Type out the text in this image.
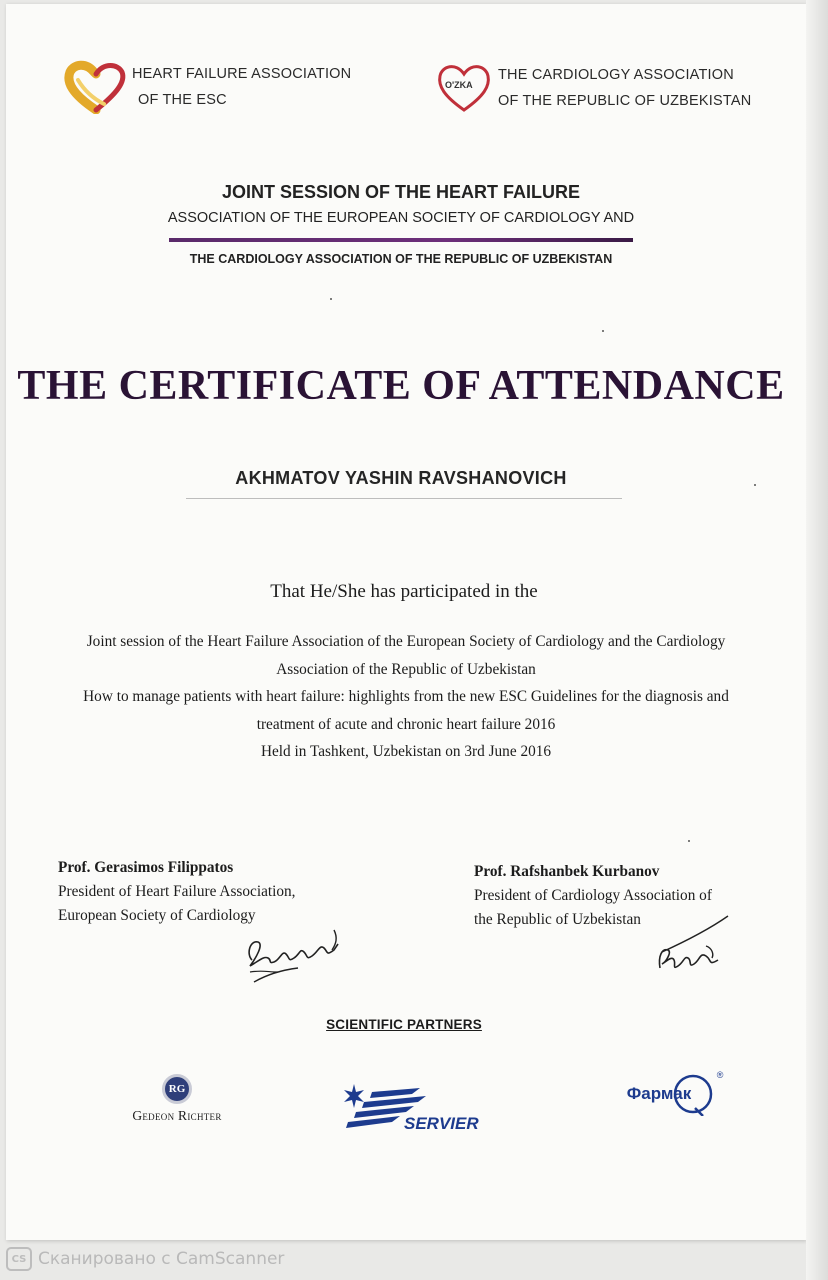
HEART FAILURE ASSOCIATION
OF THE ESC
O'ZKA
THE CARDIOLOGY ASSOCIATION
OF THE REPUBLIC OF UZBEKISTAN
JOINT SESSION OF THE HEART FAILURE
ASSOCIATION OF THE EUROPEAN SOCIETY OF CARDIOLOGY AND
THE CARDIOLOGY ASSOCIATION OF THE REPUBLIC OF UZBEKISTAN
THE CERTIFICATE OF ATTENDANCE
AKHMATOV YASHIN RAVSHANOVICH
That He/She has participated in the
Joint session of the Heart Failure Association of the European Society of Cardiology and the Cardiology
Association of the Republic of Uzbekistan
How to manage patients with heart failure: highlights from the new ESC Guidelines for the diagnosis and
treatment of acute and chronic heart failure 2016
Held in Tashkent, Uzbekistan on 3rd June 2016
Prof. Gerasimos Filippatos
President of Heart Failure Association,
European Society of Cardiology
Prof. Rafshanbek Kurbanov
President of Cardiology Association of
the Republic of Uzbekistan
SCIENTIFIC PARTNERS
RG
Gedeon Richter	SERVIER
Фармак
®
CS Сканировано с CamScanner
